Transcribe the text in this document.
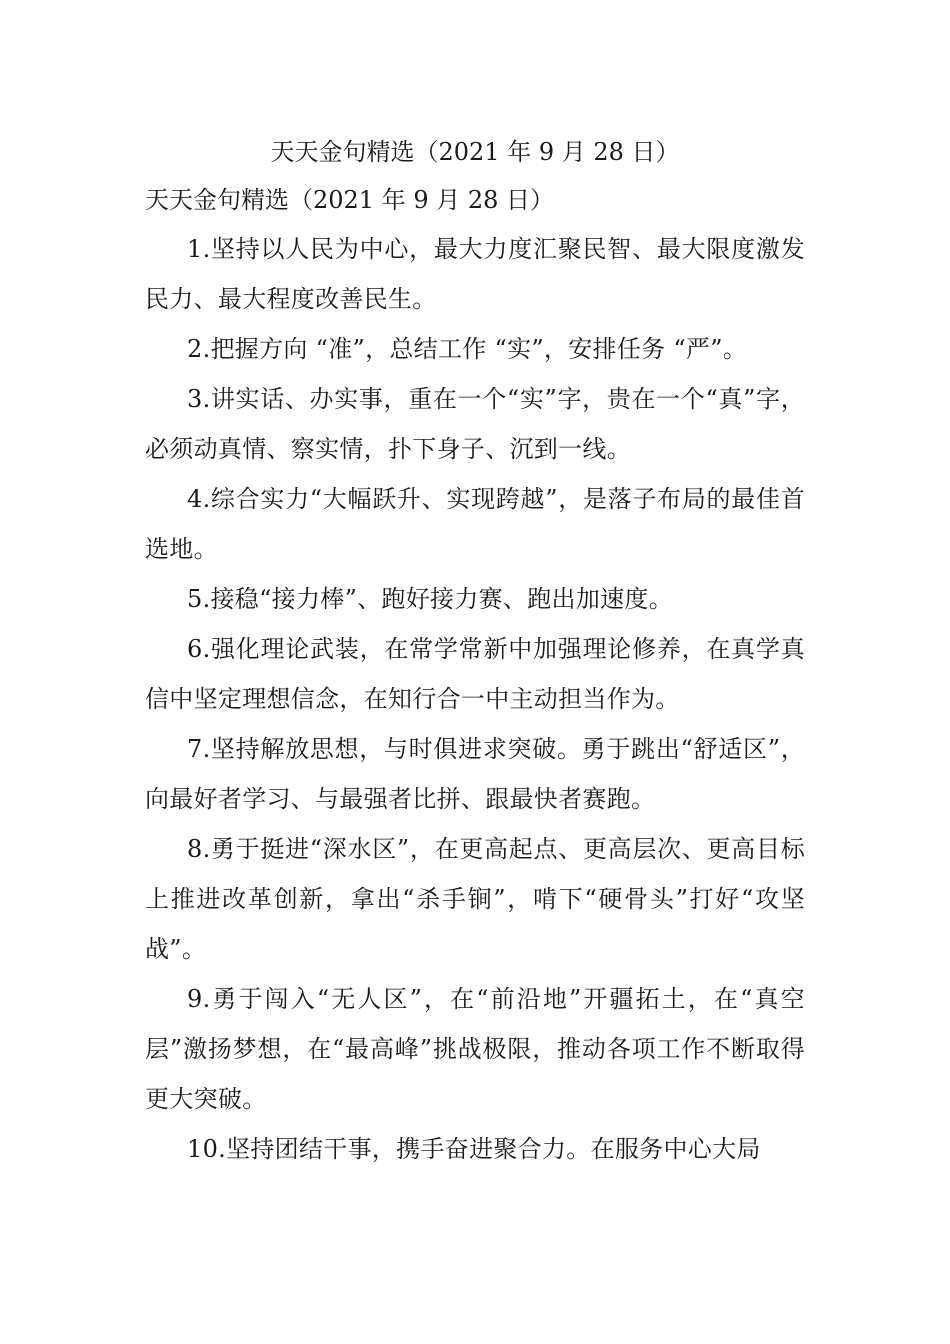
天天金句精选（2021 年 9 月 28 日）

天天金句精选（2021 年 9 月 28 日）

1.坚持以人民为中心，最大力度汇聚民智、最大限度激发民力、最大程度改善民生。

2.把握方向 “准”，总结工作 “实”，安排任务 “严”。

3.讲实话、办实事，重在一个“实”字，贵在一个“真”字，必须动真情、察实情，扑下身子、沉到一线。

4.综合实力“大幅跃升、实现跨越”，是落子布局的最佳首选地。

5.接稳“接力棒”、跑好接力赛、跑出加速度。

6.强化理论武装，在常学常新中加强理论修养，在真学真信中坚定理想信念，在知行合一中主动担当作为。

7.坚持解放思想，与时俱进求突破。勇于跳出“舒适区”，向最好者学习、与最强者比拼、跟最快者赛跑。

8.勇于挺进“深水区”，在更高起点、更高层次、更高目标上推进改革创新，拿出“杀手锏”，啃下“硬骨头”打好“攻坚战”。

9.勇于闯入“无人区”，在“前沿地”开疆拓土，在“真空层”激扬梦想，在“最高峰”挑战极限，推动各项工作不断取得更大突破。

10.坚持团结干事，携手奋进聚合力。在服务中心大局
